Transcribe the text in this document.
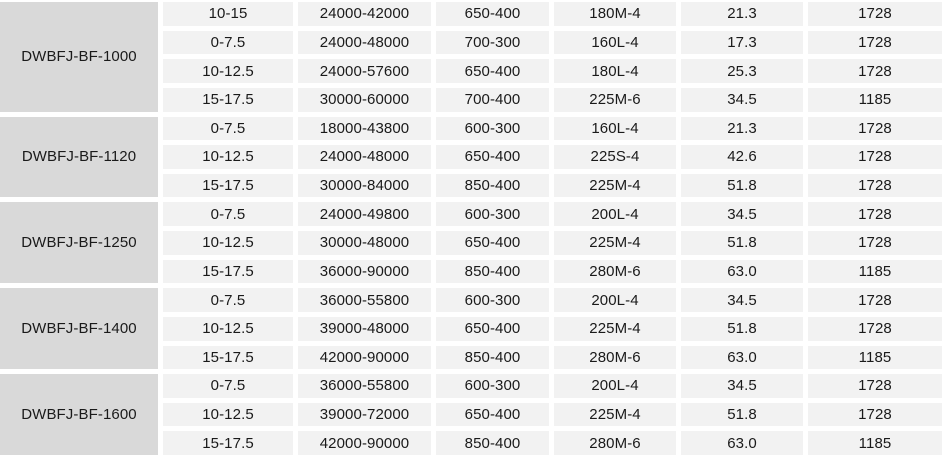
DWBFJ-BF-1000
10-15	24000-42000	650-400	180M-4	21.3	1728
0-7.5	24000-48000	700-300	160L-4	17.3	1728
10-12.5	24000-57600	650-400	180L-4	25.3	1728
15-17.5	30000-60000	700-400	225M-6	34.5	1185
DWBFJ-BF-1120
0-7.5	18000-43800	600-300	160L-4	21.3	1728
10-12.5	24000-48000	650-400	225S-4	42.6	1728
15-17.5	30000-84000	850-400	225M-4	51.8	1728
DWBFJ-BF-1250
0-7.5	24000-49800	600-300	200L-4	34.5	1728
10-12.5	30000-48000	650-400	225M-4	51.8	1728
15-17.5	36000-90000	850-400	280M-6	63.0	1185
DWBFJ-BF-1400
0-7.5	36000-55800	600-300	200L-4	34.5	1728
10-12.5	39000-48000	650-400	225M-4	51.8	1728
15-17.5	42000-90000	850-400	280M-6	63.0	1185
DWBFJ-BF-1600
0-7.5	36000-55800	600-300	200L-4	34.5	1728
10-12.5	39000-72000	650-400	225M-4	51.8	1728
15-17.5	42000-90000	850-400	280M-6	63.0	1185
